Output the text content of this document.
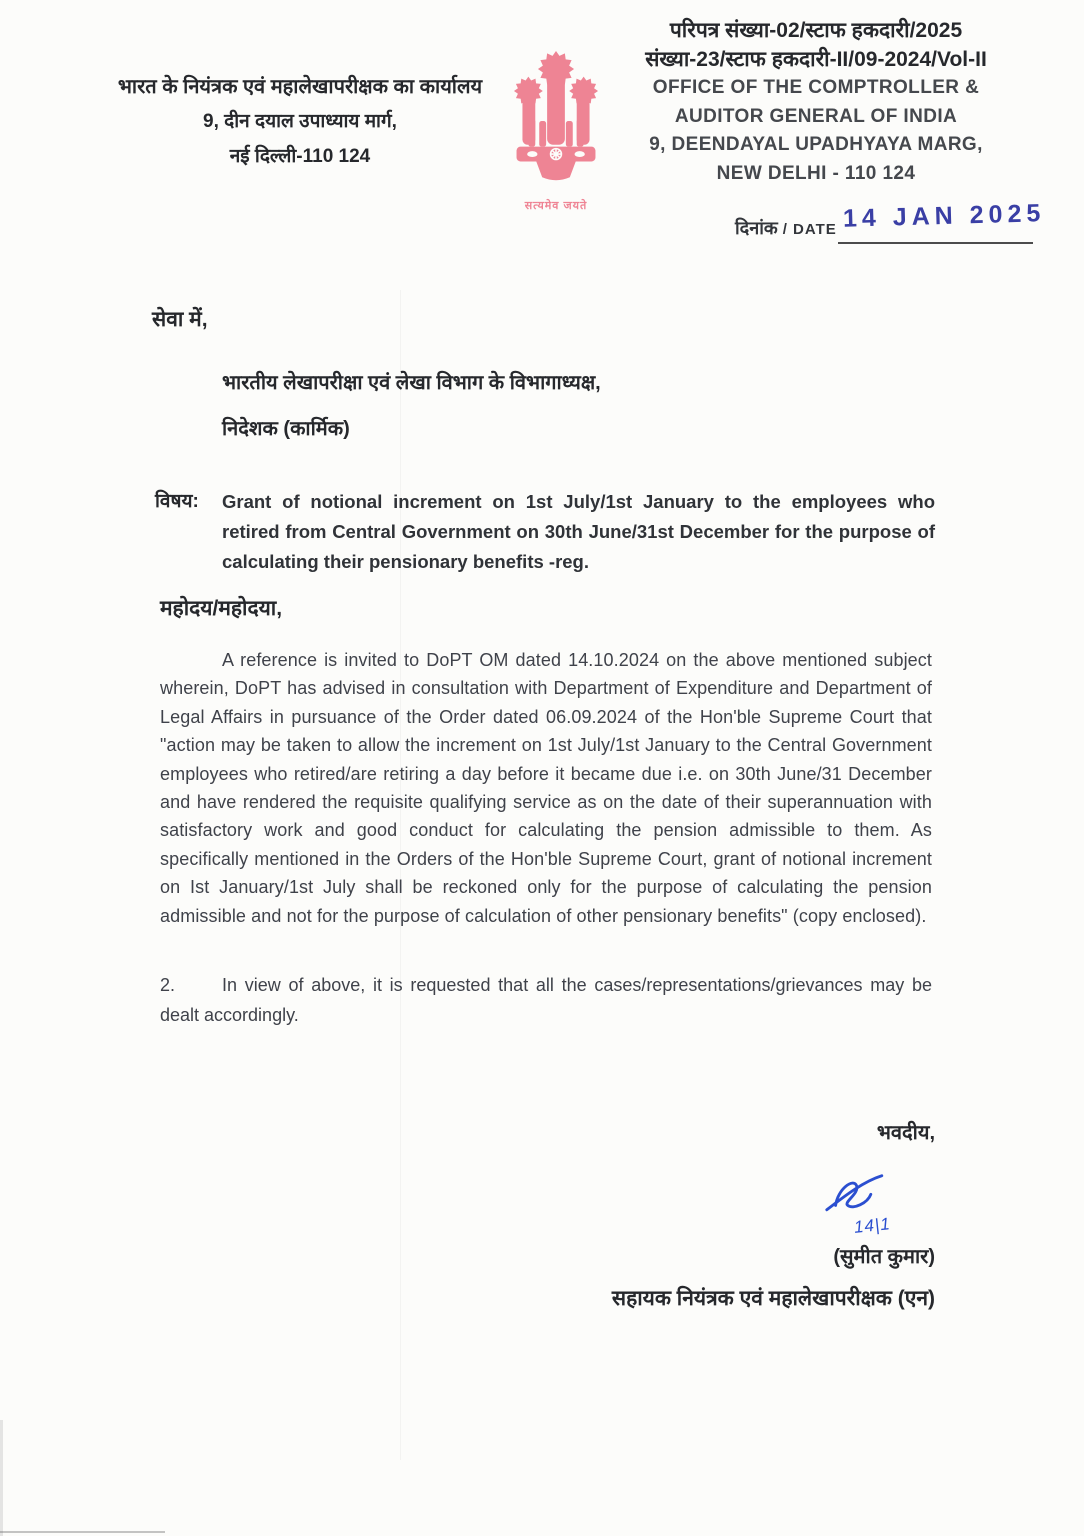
भारत के नियंत्रक एवं महालेखापरीक्षक का कार्यालय
9, दीन दयाल उपाध्याय मार्ग,
नई दिल्ली-110 124
सत्यमेव जयते
परिपत्र संख्या-02/स्टाफ हकदारी/2025
संख्या-23/स्टाफ हकदारी-II/09-2024/Vol-II
OFFICE OF THE COMPTROLLER &
AUDITOR GENERAL OF INDIA
9, DEENDAYAL UPADHYAYA MARG,
NEW DELHI - 110 124
दिनांक / DATE 14 JAN 2025
सेवा में,
भारतीय लेखापरीक्षा एवं लेखा विभाग के विभागाध्यक्ष,
निदेशक (कार्मिक)
विषय: Grant of notional increment on 1st July/1st January to the employees who retired from Central Government on 30th June/31st December for the purpose of calculating their pensionary benefits -reg.
महोदय/महोदया,

A reference is invited to DoPT OM dated 14.10.2024 on the above mentioned subject wherein, DoPT has advised in consultation with Department of Expenditure and Department of Legal Affairs in pursuance of the Order dated 06.09.2024 of the Hon'ble Supreme Court that "action may be taken to allow the increment on 1st July/1st January to the Central Government employees who retired/are retiring a day before it became due i.e. on 30th June/31 December and have rendered the requisite qualifying service as on the date of their superannuation with satisfactory work and good conduct for calculating the pension admissible to them. As specifically mentioned in the Orders of the Hon'ble Supreme Court, grant of notional increment on Ist January/1st July shall be reckoned only for the purpose of calculating the pension admissible and not for the purpose of calculation of other pensionary benefits" (copy enclosed).

2.	In view of above, it is requested that all the cases/representations/grievances may be dealt accordingly.

भवदीय,
14|1
(सुमीत कुमार)
सहायक नियंत्रक एवं महालेखापरीक्षक (एन)
